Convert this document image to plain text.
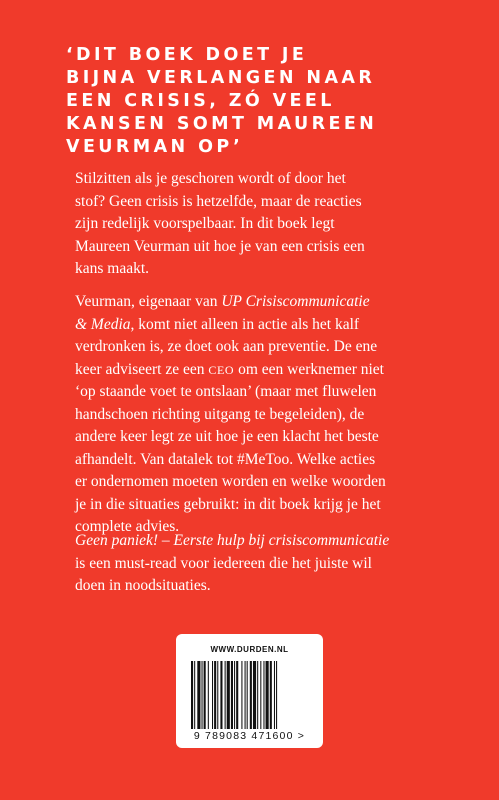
‘DIT BOEK DOET JE
BIJNA VERLANGEN NAAR
EEN CRISIS, ZÓ VEEL
KANSEN SOMT MAUREEN
VEURMAN OP’
Stilzitten als je geschoren wordt of door het
stof? Geen crisis is hetzelfde, maar de reacties
zijn redelijk voorspelbaar. In dit boek legt
Maureen Veurman uit hoe je van een crisis een
kans maakt.
Veurman, eigenaar van UP Crisiscommunicatie
& Media, komt niet alleen in actie als het kalf
verdronken is, ze doet ook aan preventie. De ene
keer adviseert ze een CEO om een werknemer niet
‘op staande voet te ontslaan’ (maar met fluwelen
handschoen richting uitgang te begeleiden), de
andere keer legt ze uit hoe je een klacht het beste
afhandelt. Van datalek tot #MeToo. Welke acties
er ondernomen moeten worden en welke woorden
je in die situaties gebruikt: in dit boek krijg je het
complete advies.
Geen paniek! – Eerste hulp bij crisiscommunicatie
is een must-read voor iedereen die het juiste wil
doen in noodsituaties.
WWW.DURDEN.NL
9 789083 471600 >
